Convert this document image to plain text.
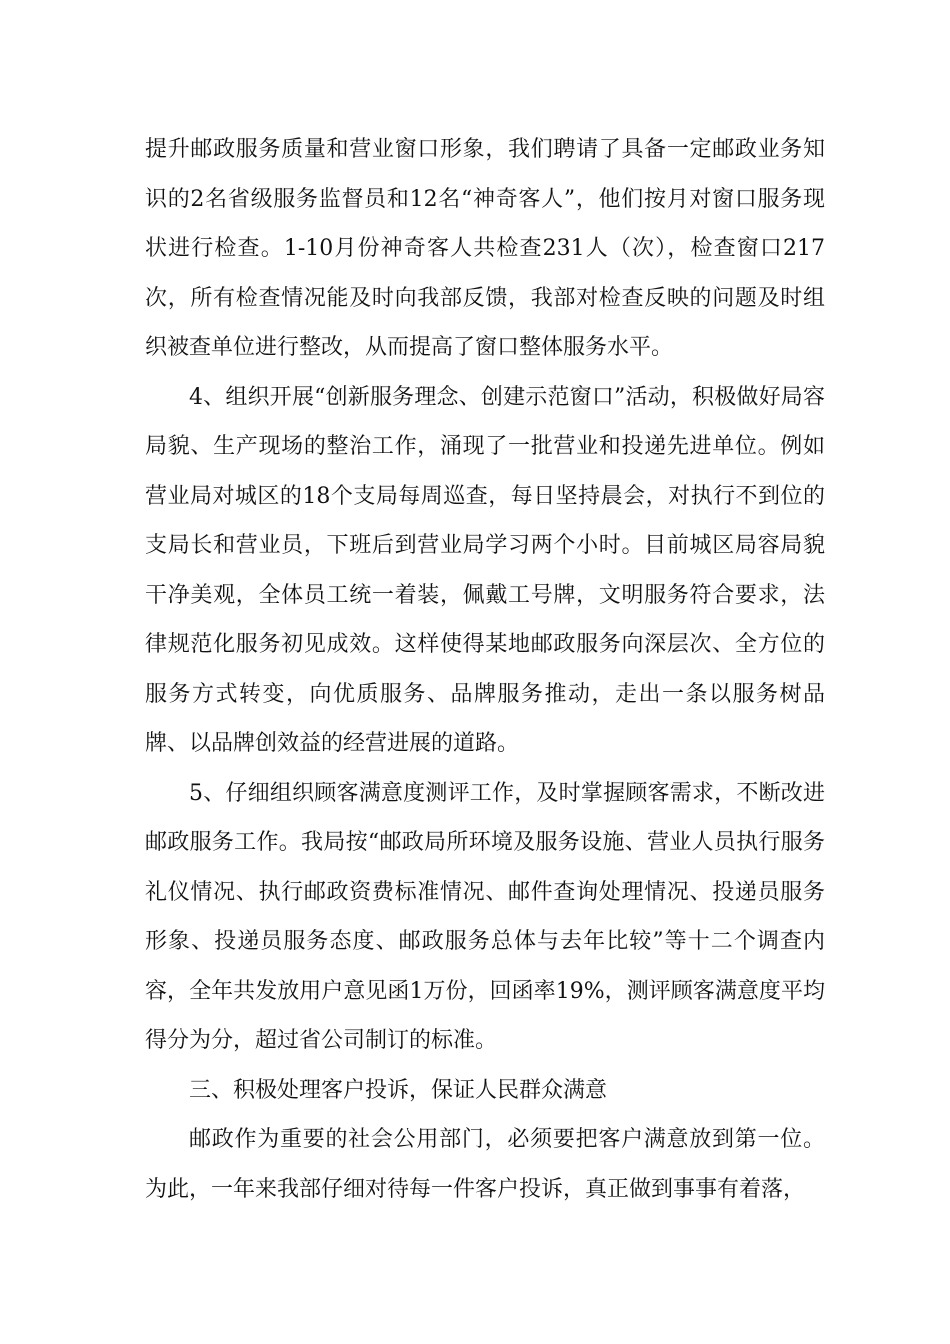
提升邮政服务质量和营业窗口形象，我们聘请了具备一定邮政业务知识的2名省级服务监督员和12名“神奇客人”，他们按月对窗口服务现状进行检查。1-10月份神奇客人共检查231人（次），检查窗口217次，所有检查情况能及时向我部反馈，我部对检查反映的问题及时组织被查单位进行整改，从而提高了窗口整体服务水平。

4、组织开展“创新服务理念、创建示范窗口”活动，积极做好局容局貌、生产现场的整治工作，涌现了一批营业和投递先进单位。例如营业局对城区的18个支局每周巡查，每日坚持晨会，对执行不到位的支局长和营业员，下班后到营业局学习两个小时。目前城区局容局貌干净美观，全体员工统一着装，佩戴工号牌，文明服务符合要求，法律规范化服务初见成效。这样使得某地邮政服务向深层次、全方位的服务方式转变，向优质服务、品牌服务推动，走出一条以服务树品牌、以品牌创效益的经营进展的道路。

5、仔细组织顾客满意度测评工作，及时掌握顾客需求，不断改进邮政服务工作。我局按“邮政局所环境及服务设施、营业人员执行服务礼仪情况、执行邮政资费标准情况、邮件查询处理情况、投递员服务形象、投递员服务态度、邮政服务总体与去年比较”等十二个调查内容，全年共发放用户意见函1万份，回函率19%，测评顾客满意度平均得分为分，超过省公司制订的标准。

三、积极处理客户投诉，保证人民群众满意

邮政作为重要的社会公用部门，必须要把客户满意放到第一位。为此，一年来我部仔细对待每一件客户投诉，真正做到事事有着落，
